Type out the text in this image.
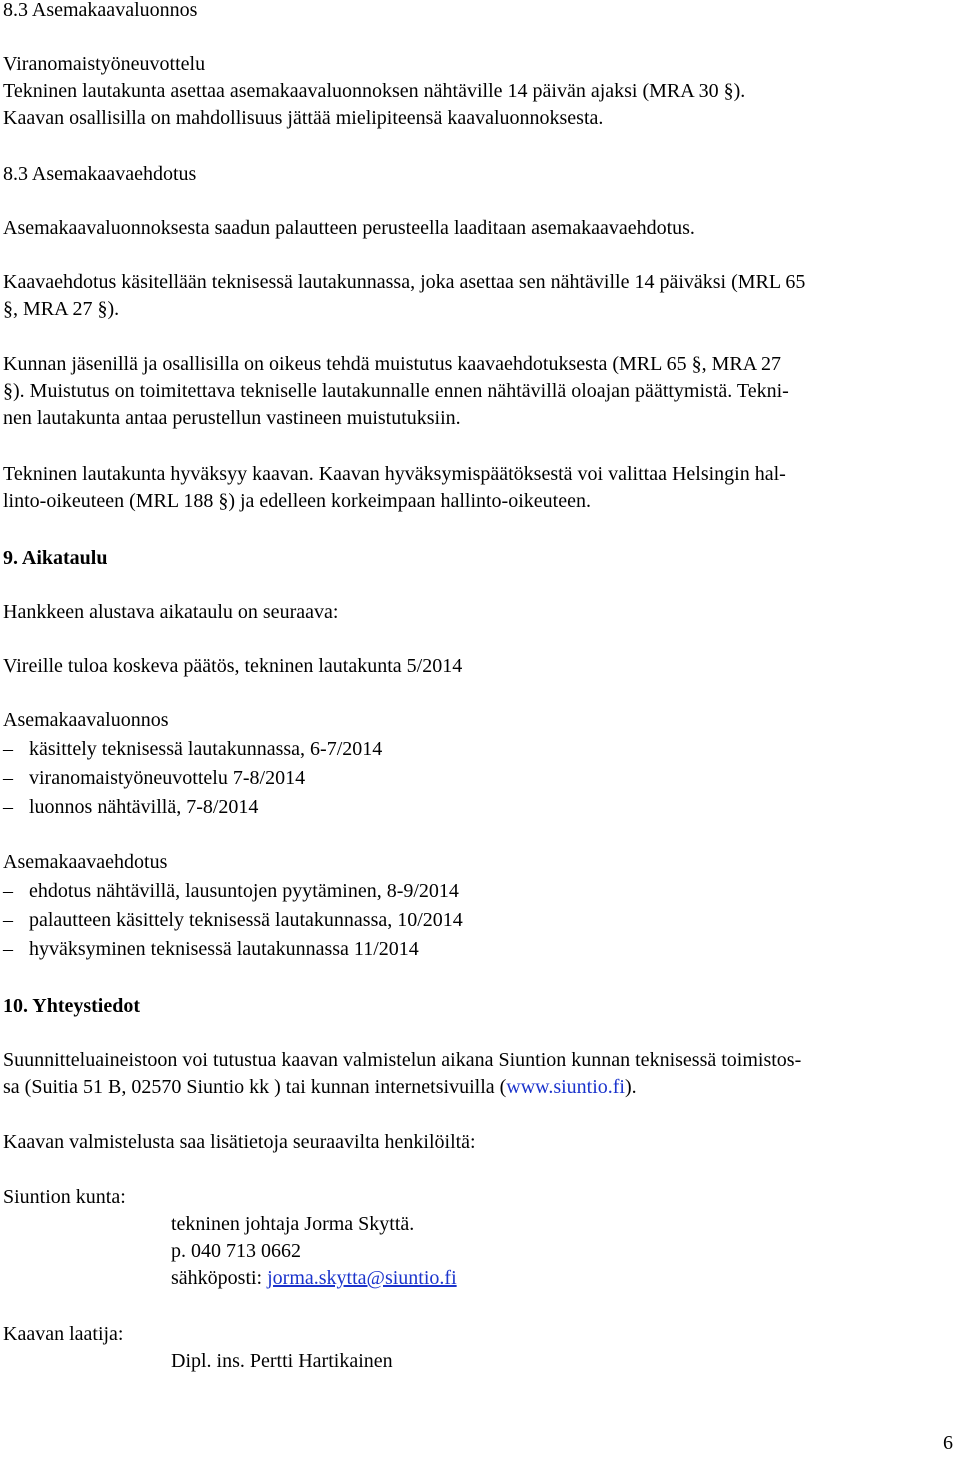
8.3 Asemakaavaluonnos
Viranomaistyöneuvottelu
Tekninen lautakunta asettaa asemakaavaluonnoksen nähtäville 14 päivän ajaksi (MRA 30 §).
Kaavan osallisilla on mahdollisuus jättää mielipiteensä kaavaluonnoksesta.
8.3 Asemakaavaehdotus
Asemakaavaluonnoksesta saadun palautteen perusteella laaditaan asemakaavaehdotus.
Kaavaehdotus käsitellään teknisessä lautakunnassa, joka asettaa sen nähtäville 14 päiväksi (MRL 65
§, MRA 27 §).
Kunnan jäsenillä ja osallisilla on oikeus tehdä muistutus kaavaehdotuksesta (MRL 65 §, MRA 27
§). Muistutus on toimitettava tekniselle lautakunnalle ennen nähtävillä oloajan päättymistä. Tekni-
nen lautakunta antaa perustellun vastineen muistutuksiin.
Tekninen lautakunta hyväksyy kaavan. Kaavan hyväksymispäätöksestä voi valittaa Helsingin hal-
linto-oikeuteen (MRL 188 §) ja edelleen korkeimpaan hallinto-oikeuteen.
9. Aikataulu
Hankkeen alustava aikataulu on seuraava:
Vireille tuloa koskeva päätös, tekninen lautakunta 5/2014
Asemakaavaluonnos
– käsittely teknisessä lautakunnassa, 6-7/2014
– viranomaistyöneuvottelu 7-8/2014
– luonnos nähtävillä, 7-8/2014
Asemakaavaehdotus
– ehdotus nähtävillä, lausuntojen pyytäminen, 8-9/2014
– palautteen käsittely teknisessä lautakunnassa, 10/2014
– hyväksyminen teknisessä lautakunnassa 11/2014
10. Yhteystiedot
Suunnitteluaineistoon voi tutustua kaavan valmistelun aikana Siuntion kunnan teknisessä toimistos-
sa (Suitia 51 B, 02570 Siuntio kk ) tai kunnan internetsivuilla (www.siuntio.fi).
Kaavan valmistelusta saa lisätietoja seuraavilta henkilöiltä:
Siuntion kunta:
tekninen johtaja Jorma Skyttä.
p. 040 713 0662
sähköposti: jorma.skytta@siuntio.fi
Kaavan laatija:
Dipl. ins. Pertti Hartikainen
6
